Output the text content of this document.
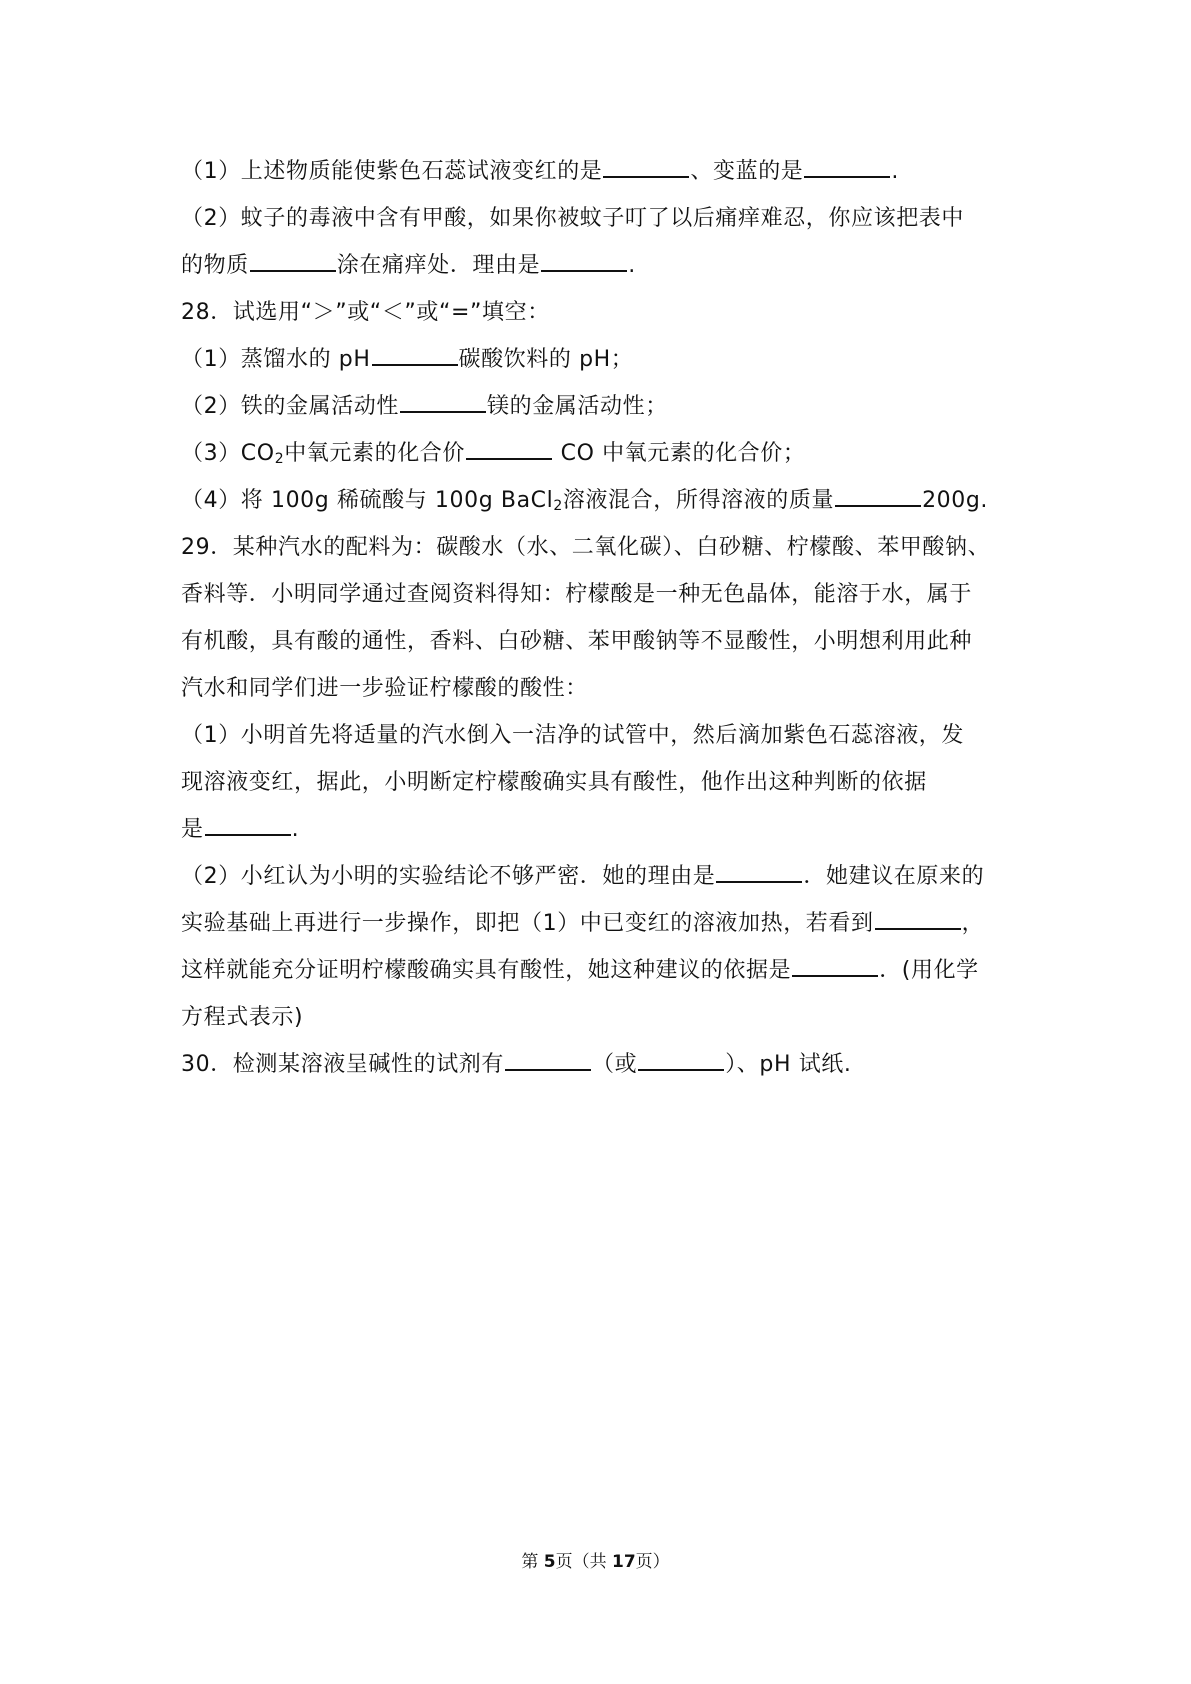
（1）上述物质能使紫色石蕊试液变红的是	、变蓝的是	.
（2）蚊子的毒液中含有甲酸，如果你被蚊子叮了以后痛痒难忍，你应该把表中
的物质	涂在痛痒处．理由是	.
28．试选用“＞”或“＜”或“=”填空：
（1）蒸馏水的 pH	碳酸饮料的 pH；
（2）铁的金属活动性	镁的金属活动性；
$(3)CO_2$中氧元素的化合价	CO 中氧元素的化合价；
（4）将 100g 稀硫酸与 100g BaCl$_2$溶液混合，所得溶液的质量	200g.
29．某种汽水的配料为：碳酸水（水、二氧化碳）、白砂糖、柠檬酸、苯甲酸钠、
香料等．小明同学通过查阅资料得知：柠檬酸是一种无色晶体，能溶于水，属于
有机酸，具有酸的通性，香料、白砂糖、苯甲酸钠等不显酸性，小明想利用此种
汽水和同学们进一步验证柠檬酸的酸性：
（1）小明首先将适量的汽水倒入一洁净的试管中，然后滴加紫色石蕊溶液，发
现溶液变红，据此，小明断定柠檬酸确实具有酸性，他作出这种判断的依据
是	.
（2）小红认为小明的实验结论不够严密．她的理由是	．她建议在原来的
实验基础上再进行一步操作，即把（1）中已变红的溶液加热，若看到	，
这样就能充分证明柠檬酸确实具有酸性，她这种建议的依据是	．(用化学
方程式表示)
30．检测某溶液呈碱性的试剂有	（或	）、pH 试纸.
第 5页（共 17页）
